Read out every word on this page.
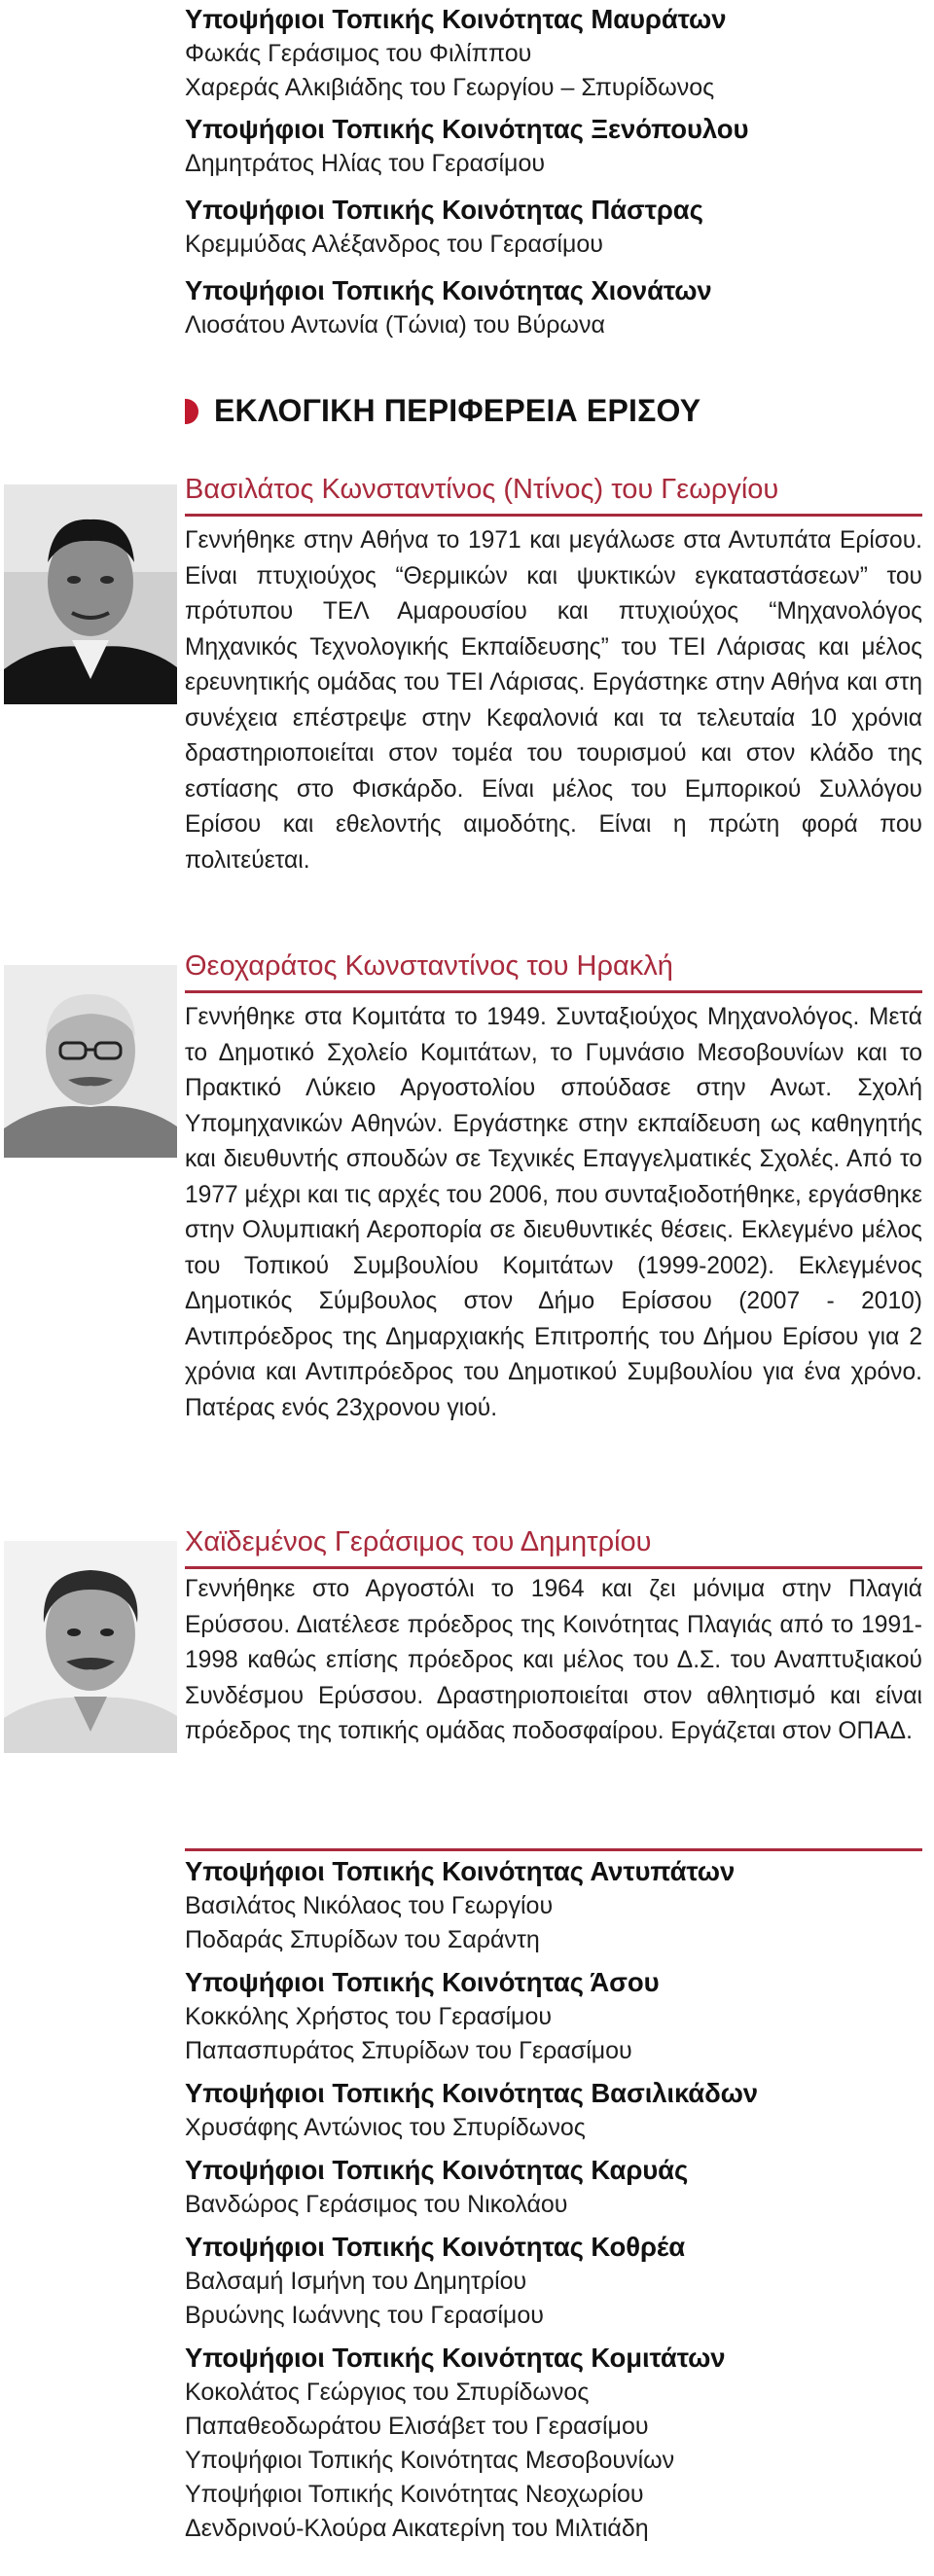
Υποψήφιοι Τοπικής Κοινότητας Μαυράτων

Φωκάς Γεράσιμος του Φιλίππου

Χαρεράς Αλκιβιάδης του Γεωργίου – Σπυρίδωνος

Υποψήφιοι Τοπικής Κοινότητας Ξενόπουλου

Δημητράτος Ηλίας του Γερασίμου

Υποψήφιοι Τοπικής Κοινότητας Πάστρας

Κρεμμύδας Αλέξανδρος του Γερασίμου

Υποψήφιοι Τοπικής Κοινότητας Χιονάτων

Λιοσάτου Αντωνία (Τώνια) του Βύρωνα

ΕΚΛΟΓΙΚΗ ΠΕΡΙΦΕΡΕΙΑ ΕΡΙΣΟΥ
Βασιλάτος Κωνσταντίνος (Ντίνος) του Γεωργίου

Γεννήθηκε στην Αθήνα το 1971 και μεγάλωσε στα Αντυπάτα Ερίσου. Είναι πτυχιούχος “Θερμικών και ψυκτικών εγκαταστάσεων” του πρότυπου ΤΕΛ Αμαρουσίου και πτυχιούχος “Μηχανολόγος Μηχανικός Τεχνολογικής Εκπαίδευσης” του ΤΕΙ Λάρισας και μέλος ερευνητικής ομάδας του ΤΕΙ Λάρισας. Εργάστηκε στην Αθήνα και στη συνέχεια επέστρεψε στην Κεφαλονιά και τα τελευταία 10 χρόνια δραστηριοποιείται στον τομέα του τουρισμού και στον κλάδο της εστίασης στο Φισκάρδο. Είναι μέλος του Εμπορικού Συλλόγου Ερίσου και εθελοντής αιμοδότης. Είναι η πρώτη φορά που πολιτεύεται.

Θεοχαράτος Κωνσταντίνος του Ηρακλή

Γεννήθηκε στα Κομιτάτα το 1949. Συνταξιούχος Μηχανολόγος. Μετά το Δημοτικό Σχολείο Κομιτάτων, το Γυμνάσιο Μεσοβουνίων και το Πρακτικό Λύκειο Αργοστολίου σπούδασε στην Ανωτ. Σχολή Υπομηχανικών Αθηνών. Εργάστηκε στην εκπαίδευση ως καθηγητής και διευθυντής σπουδών σε Τεχνικές Επαγγελματικές Σχολές. Από το 1977 μέχρι και τις αρχές του 2006, που συνταξιοδοτήθηκε, εργάσθηκε στην Ολυμπιακή Αεροπορία σε διευθυντικές θέσεις. Εκλεγμένο μέλος του Τοπικού Συμβουλίου Κομιτάτων (1999-2002). Εκλεγμένος Δημοτικός Σύμβουλος στον Δήμο Ερίσσου (2007 - 2010) Αντιπρόεδρος της Δημαρχιακής Επιτροπής του Δήμου Ερίσου για 2 χρόνια και Αντιπρόεδρος του Δημοτικού Συμβουλίου για ένα χρόνο. Πατέρας ενός 23χρονου γιού.

Χαϊδεμένος Γεράσιμος του Δημητρίου

Γεννήθηκε στο Αργοστόλι το 1964 και ζει μόνιμα στην Πλαγιά Ερύσσου. Διατέλεσε πρόεδρος της Κοινότητας Πλαγιάς από το 1991-1998 καθώς επίσης πρόεδρος και μέλος του Δ.Σ. του Αναπτυξιακού Συνδέσμου Ερύσσου. Δραστηριοποιείται στον αθλητισμό και είναι πρόεδρος της τοπικής ομάδας ποδοσφαίρου. Εργάζεται στον ΟΠΑΔ.

Υποψήφιοι Τοπικής Κοινότητας Αντυπάτων

Βασιλάτος Νικόλαος του Γεωργίου

Ποδαράς Σπυρίδων του Σαράντη

Υποψήφιοι Τοπικής Κοινότητας Άσου

Κοκκόλης Χρήστος του Γερασίμου

Παπασπυράτος Σπυρίδων του Γερασίμου

Υποψήφιοι Τοπικής Κοινότητας Βασιλικάδων

Χρυσάφης Αντώνιος του Σπυρίδωνος

Υποψήφιοι Τοπικής Κοινότητας Καρυάς

Βανδώρος Γεράσιμος του Νικολάου

Υποψήφιοι Τοπικής Κοινότητας Κοθρέα

Βαλσαμή Ισμήνη του Δημητρίου

Βρυώνης Ιωάννης του Γερασίμου

Υποψήφιοι Τοπικής Κοινότητας Κομιτάτων

Κοκολάτος Γεώργιος του Σπυρίδωνος

Παπαθεοδωράτου Ελισάβετ του Γερασίμου

Υποψήφιοι Τοπικής Κοινότητας Μεσοβουνίων

Υποψήφιοι Τοπικής Κοινότητας Νεοχωρίου

Δενδρινού-Κλούρα Αικατερίνη του Μιλτιάδη
